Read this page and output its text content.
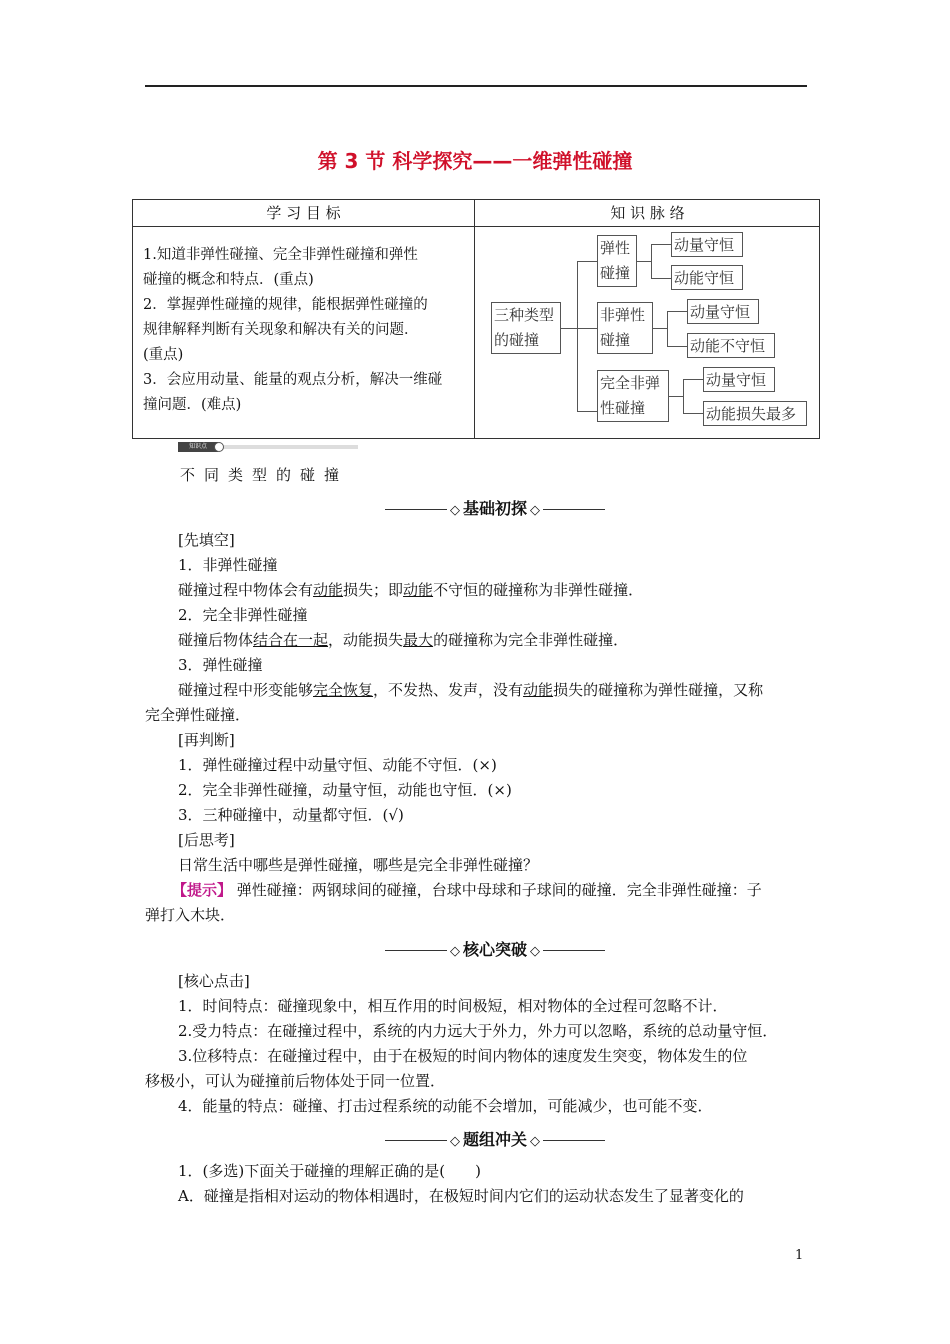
第 3 节 科学探究——一维弹性碰撞
学 习 目 标	知 识 脉 络
1.知道非弹性碰撞、完全非弹性碰撞和弹性
碰撞的概念和特点．(重点)
2．掌握弹性碰撞的规律，能根据弹性碰撞的
规律解释判断有关现象和解决有关的问题．
(重点)
3．会应用动量、能量的观点分析，解决一维碰
撞问题．(难点)
三种类型
的碰撞
弹性
碰撞
动量守恒
动能守恒
非弹性
碰撞
动量守恒
动能不守恒
完全非弹
性碰撞
动量守恒
动能损失最多
知识点
不同类型的碰撞
◇ 基础初探 ◇
[先填空]
1．非弹性碰撞
碰撞过程中物体会有动能损失；即动能不守恒的碰撞称为非弹性碰撞．
2．完全非弹性碰撞
碰撞后物体结合在一起，动能损失最大的碰撞称为完全非弹性碰撞．
3．弹性碰撞
碰撞过程中形变能够完全恢复，不发热、发声，没有动能损失的碰撞称为弹性碰撞，又称
完全弹性碰撞．
[再判断]
1．弹性碰撞过程中动量守恒、动能不守恒．(×)
2．完全非弹性碰撞，动量守恒，动能也守恒．(×)
3．三种碰撞中，动量都守恒．(√)
[后思考]
日常生活中哪些是弹性碰撞，哪些是完全非弹性碰撞？
【提示】 弹性碰撞：两钢球间的碰撞，台球中母球和子球间的碰撞．完全非弹性碰撞：子
弹打入木块．
◇ 核心突破 ◇
[核心点击]
1．时间特点：碰撞现象中，相互作用的时间极短，相对物体的全过程可忽略不计．
2.受力特点：在碰撞过程中，系统的内力远大于外力，外力可以忽略，系统的总动量守恒．
3.位移特点：在碰撞过程中，由于在极短的时间内物体的速度发生突变，物体发生的位
移极小，可认为碰撞前后物体处于同一位置．
4．能量的特点：碰撞、打击过程系统的动能不会增加，可能减少，也可能不变．
◇ 题组冲关 ◇
1．(多选)下面关于碰撞的理解正确的是(　　)
A．碰撞是指相对运动的物体相遇时，在极短时间内它们的运动状态发生了显著变化的
1
